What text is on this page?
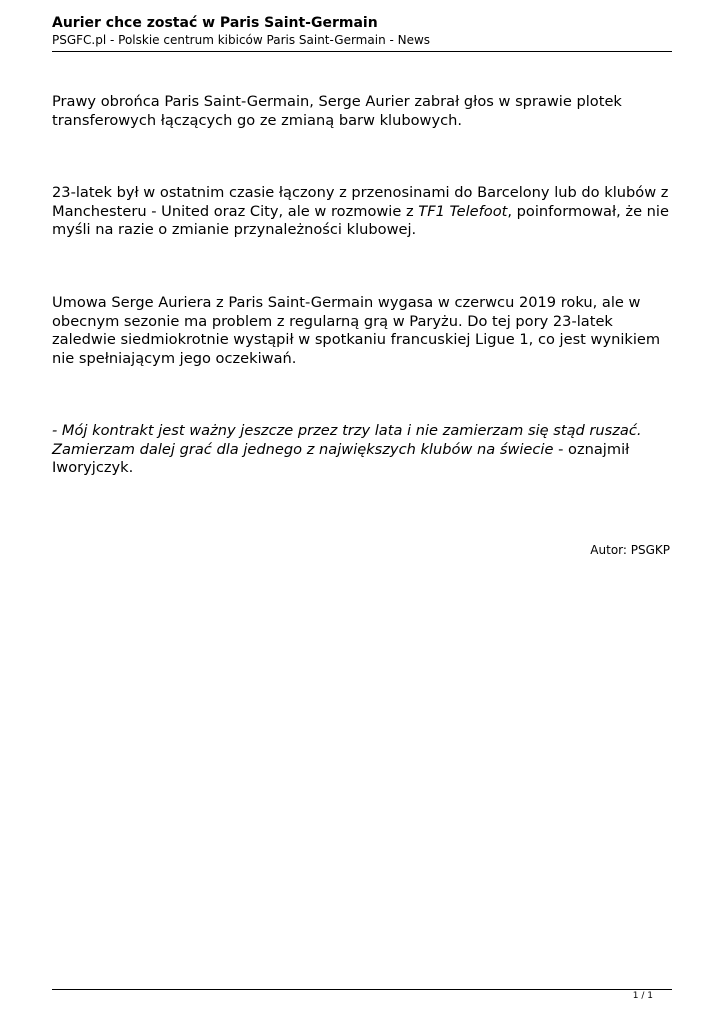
Aurier chce zostać w Paris Saint-Germain
PSGFC.pl - Polskie centrum kibiców Paris Saint-Germain - News

Prawy obrońca Paris Saint-Germain, Serge Aurier zabrał głos w sprawie plotek transferowych łączących go ze zmianą barw klubowych.

23-latek był w ostatnim czasie łączony z przenosinami do Barcelony lub do klubów z Manchesteru - United oraz City, ale w rozmowie z TF1 Telefoot, poinformował, że nie myśli na razie o zmianie przynależności klubowej.

Umowa Serge Auriera z Paris Saint-Germain wygasa w czerwcu 2019 roku, ale w obecnym sezonie ma problem z regularną grą w Paryżu. Do tej pory 23-latek zaledwie siedmiokrotnie wystąpił w spotkaniu francuskiej Ligue 1, co jest wynikiem nie spełniającym jego oczekiwań.

- Mój kontrakt jest ważny jeszcze przez trzy lata i nie zamierzam się stąd ruszać. Zamierzam dalej grać dla jednego z największych klubów na świecie - oznajmił Iworyjczyk.

Autor: PSGKP
1 / 1
